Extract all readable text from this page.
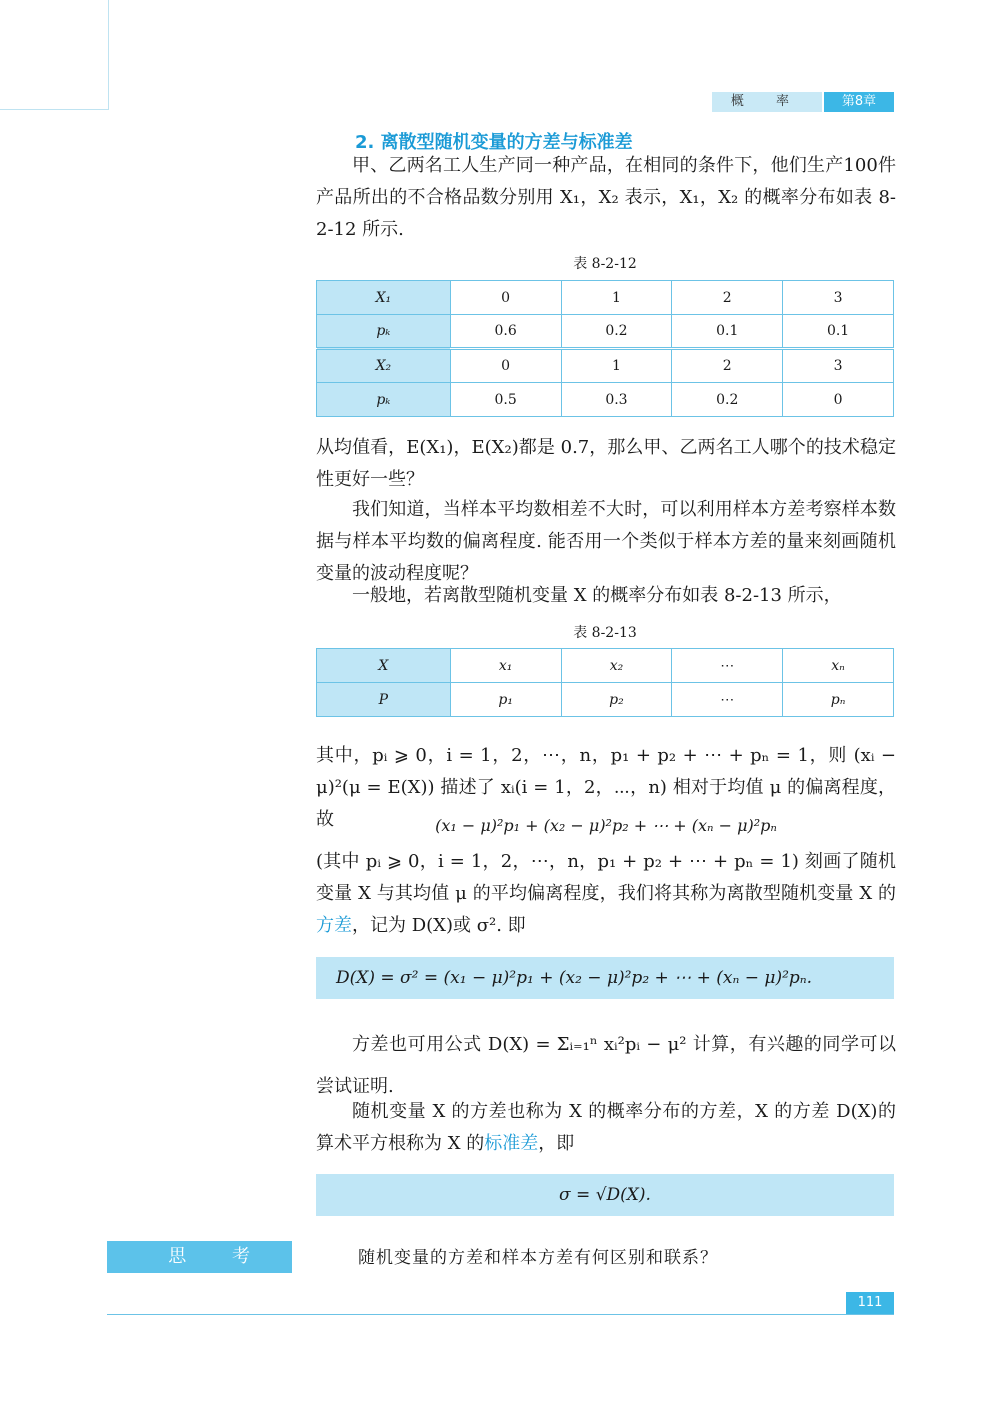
概 率	第8章
2. 离散型随机变量的方差与标准差
甲、乙两名工人生产同一种产品，在相同的条件下，他们生产100件产品所出的不合格品数分别用 X₁，X₂ 表示，X₁，X₂ 的概率分布如表 8-2-12 所示.
表 8-2-12
X₁	0	1	2	3
pₖ	0.6	0.2	0.1	0.1
X₂	0	1	2	3
pₖ	0.5	0.3	0.2	0
从均值看，E(X₁)，E(X₂)都是 0.7，那么甲、乙两名工人哪个的技术稳定性更好一些？
我们知道，当样本平均数相差不大时，可以利用样本方差考察样本数据与样本平均数的偏离程度. 能否用一个类似于样本方差的量来刻画随机变量的波动程度呢？
一般地，若离散型随机变量 X 的概率分布如表 8-2-13 所示，
表 8-2-13
X	x₁	x₂	⋯	xₙ
P	p₁	p₂	⋯	pₙ
其中，pᵢ ⩾ 0，i = 1，2，⋯，n，p₁ + p₂ + ⋯ + pₙ = 1，则 (xᵢ − μ)²(μ = E(X)) 描述了 xᵢ(i = 1，2，⋯，n) 相对于均值 μ 的偏离程度，故	(x₁ − μ)²p₁ + (x₂ − μ)²p₂ + ⋯ + (xₙ − μ)²pₙ
(其中 pᵢ ⩾ 0，i = 1，2，⋯，n，p₁ + p₂ + ⋯ + pₙ = 1) 刻画了随机变量 X 与其均值 μ 的平均偏离程度，我们将其称为离散型随机变量 X 的方差，记为 D(X)或 σ². 即
D(X) = σ² = (x₁ − μ)²p₁ + (x₂ − μ)²p₂ + ⋯ + (xₙ − μ)²pₙ.
方差也可用公式 D(X) = Σᵢ₌₁ⁿ xᵢ²pᵢ − μ² 计算，有兴趣的同学可以尝试证明.
随机变量 X 的方差也称为 X 的概率分布的方差，X 的方差 D(X)的算术平方根称为 X 的标准差，即
σ = √D(X).
思 考	随机变量的方差和样本方差有何区别和联系？
111
